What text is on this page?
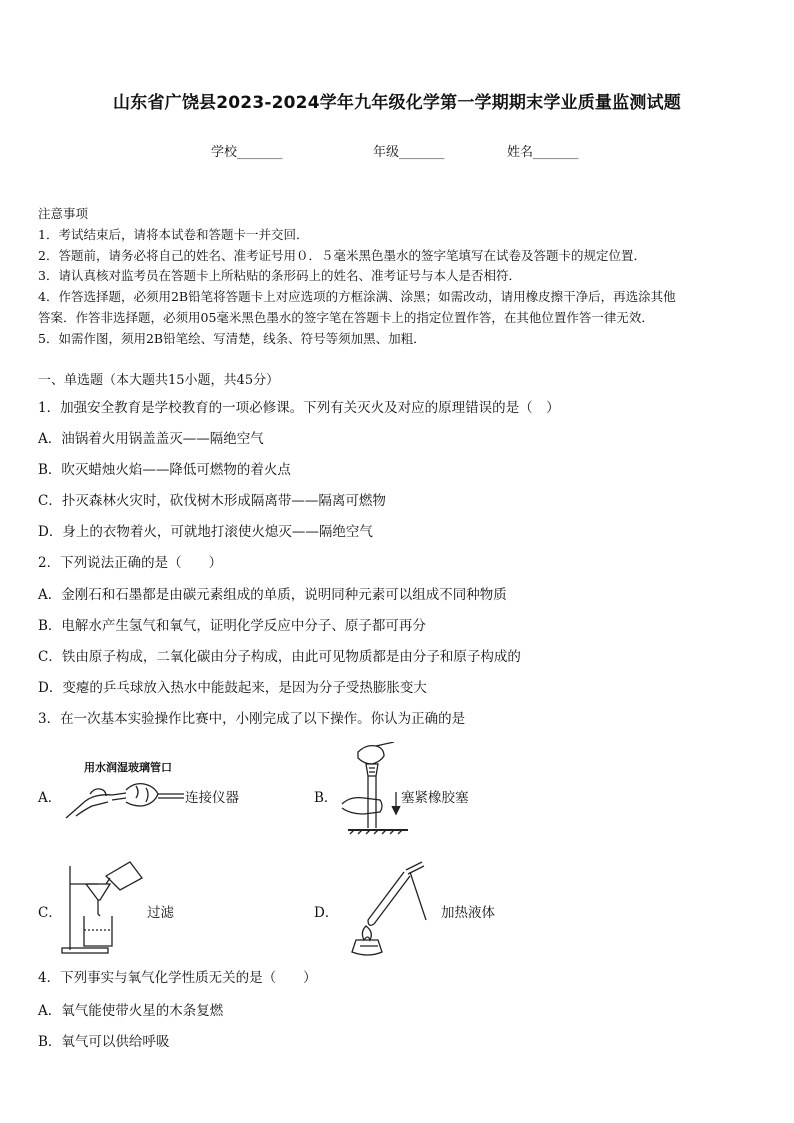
山东省广饶县2023-2024学年九年级化学第一学期期末学业质量监测试题
学校_______	年级_______	姓名_______
注意事项
1．考试结束后，请将本试卷和答题卡一并交回．
2．答题前，请务必将自己的姓名、准考证号用０．５毫米黑色墨水的签字笔填写在试卷及答题卡的规定位置．
3．请认真核对监考员在答题卡上所粘贴的条形码上的姓名、准考证号与本人是否相符．
4．作答选择题，必须用2B铅笔将答题卡上对应选项的方框涂满、涂黑；如需改动，请用橡皮擦干净后，再选涂其他
答案．作答非选择题，必须用05毫米黑色墨水的签字笔在答题卡上的指定位置作答，在其他位置作答一律无效．
5．如需作图，须用2B铅笔绘、写清楚，线条、符号等须加黑、加粗．
一、单选题（本大题共15小题，共45分）
1．加强安全教育是学校教育的一项必修课。下列有关灭火及对应的原理错误的是（　）
A．油锅着火用锅盖盖灭——隔绝空气
B．吹灭蜡烛火焰——降低可燃物的着火点
C．扑灭森林火灾时，砍伐树木形成隔离带——隔离可燃物
D．身上的衣物着火，可就地打滚使火熄灭——隔绝空气
2．下列说法正确的是（　　）
A．金刚石和石墨都是由碳元素组成的单质，说明同种元素可以组成不同种物质
B．电解水产生氢气和氧气，证明化学反应中分子、原子都可再分
C．铁由原子构成，二氧化碳由分子构成，由此可见物质都是由分子和原子构成的
D．变瘪的乒乓球放入热水中能鼓起来，是因为分子受热膨胀变大
3．在一次基本实验操作比赛中，小刚完成了以下操作。你认为正确的是
A．
用水润湿玻璃管口
连接仪器	B．	塞紧橡胶塞
C．	过滤	D．	加热液体
4．下列事实与氧气化学性质无关的是（　　）
A．氧气能使带火星的木条复燃
B．氧气可以供给呼吸
